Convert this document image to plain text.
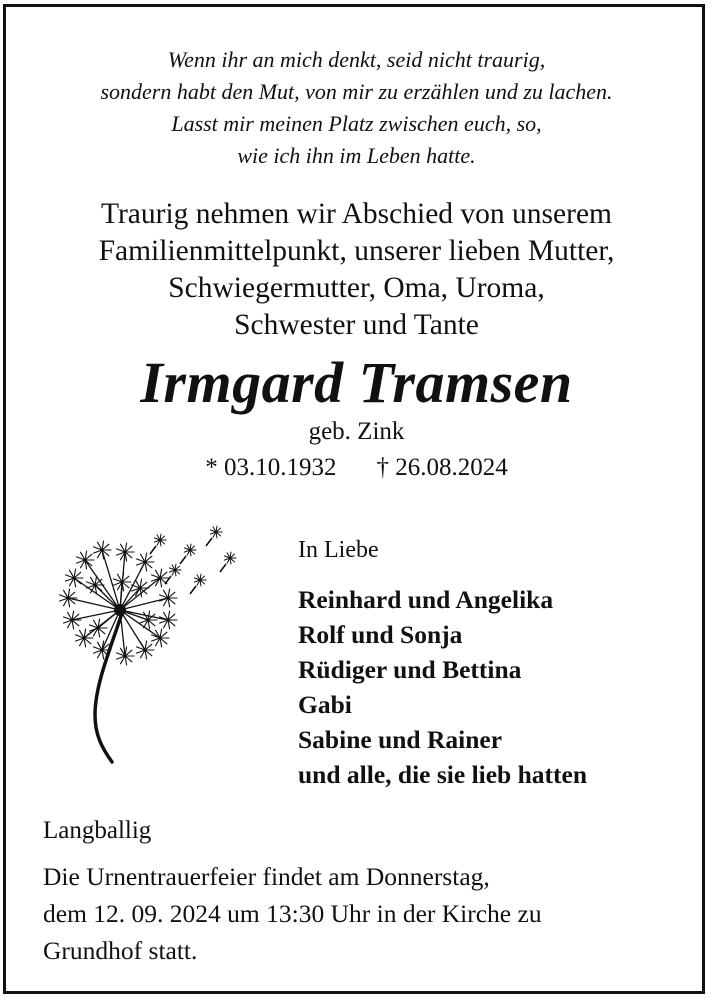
Wenn ihr an mich denkt, seid nicht traurig,
sondern habt den Mut, von mir zu erzählen und zu lachen.
Lasst mir meinen Platz zwischen euch, so,
wie ich ihn im Leben hatte.
Traurig nehmen wir Abschied von unserem
Familienmittelpunkt, unserer lieben Mutter,
Schwiegermutter, Oma, Uroma,
Schwester und Tante
Irmgard Tramsen
geb. Zink
* 03.10.1932 † 26.08.2024
In Liebe
Reinhard und Angelika
Rolf und Sonja
Rüdiger und Bettina
Gabi
Sabine und Rainer
und alle, die sie lieb hatten
Langballig
Die Urnentrauerfeier findet am Donnerstag,
dem 12. 09. 2024 um 13:30 Uhr in der Kirche zu
Grundhof statt.
